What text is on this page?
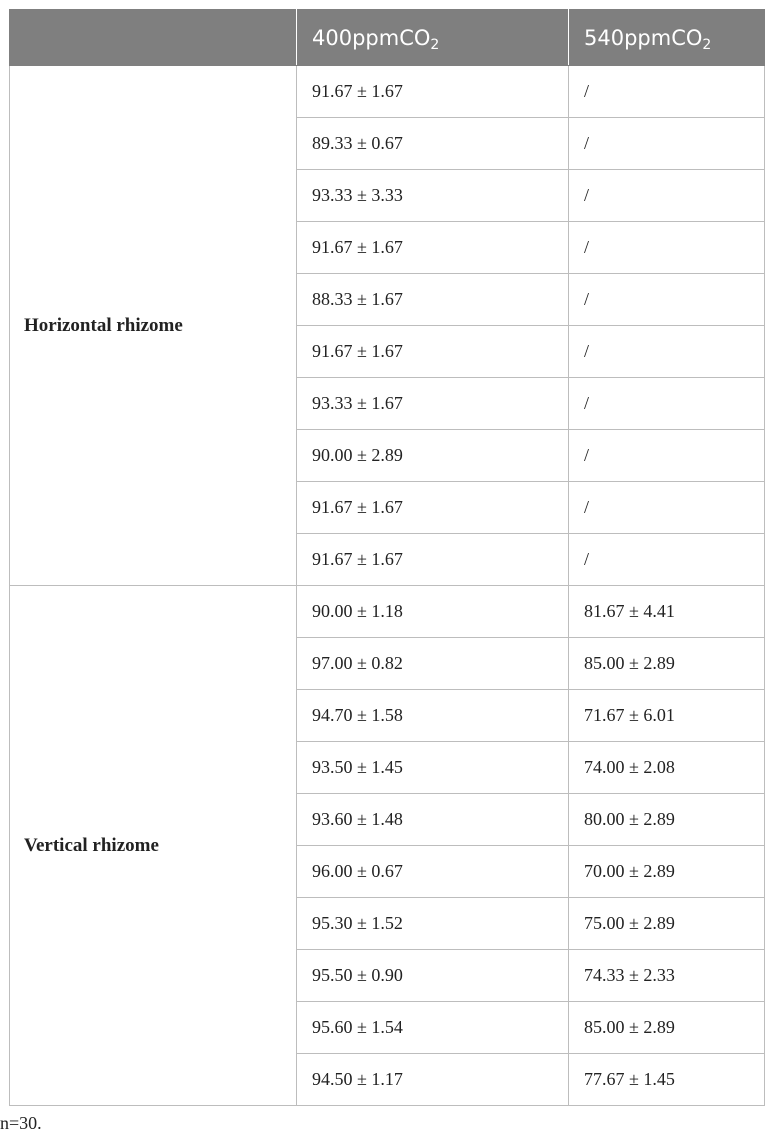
	400ppmCO$_2$	540ppmCO$_2$
Horizontal rhizome	91.67 ± 1.67	/
	89.33 ± 0.67	/
	93.33 ± 3.33	/
	91.67 ± 1.67	/
	88.33 ± 1.67	/
	91.67 ± 1.67	/
	93.33 ± 1.67	/
	90.00 ± 2.89	/
	91.67 ± 1.67	/
	91.67 ± 1.67	/
Vertical rhizome	90.00 ± 1.18	81.67 ± 4.41
	97.00 ± 0.82	85.00 ± 2.89
	94.70 ± 1.58	71.67 ± 6.01
	93.50 ± 1.45	74.00 ± 2.08
	93.60 ± 1.48	80.00 ± 2.89
	96.00 ± 0.67	70.00 ± 2.89
	95.30 ± 1.52	75.00 ± 2.89
	95.50 ± 0.90	74.33 ± 2.33
	95.60 ± 1.54	85.00 ± 2.89
	94.50 ± 1.17	77.67 ± 1.45
n=30.
